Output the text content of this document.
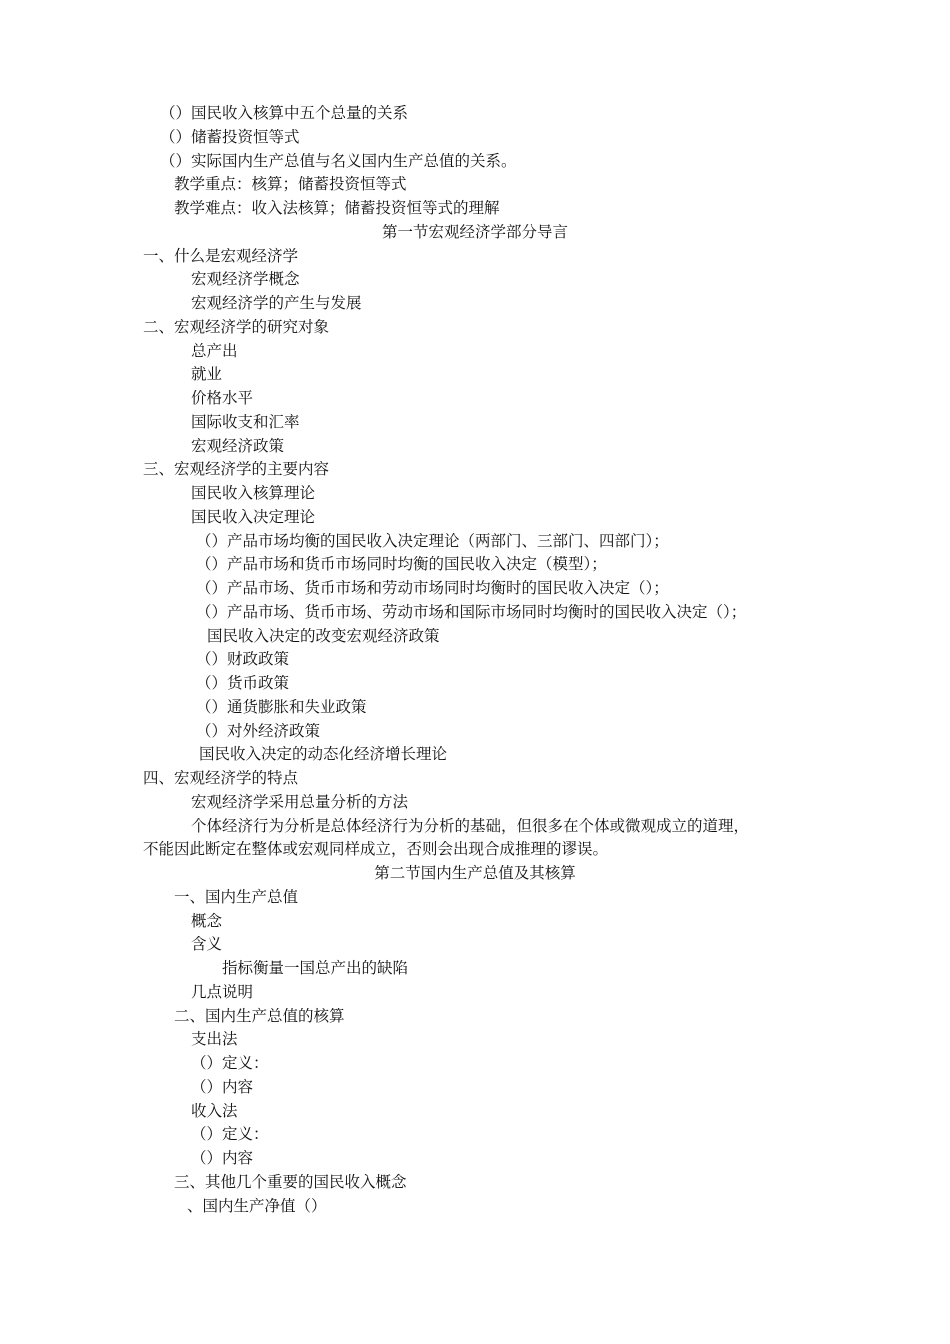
（）国民收入核算中五个总量的关系
（）储蓄投资恒等式
（）实际国内生产总值与名义国内生产总值的关系。
教学重点：核算；储蓄投资恒等式
教学难点：收入法核算；储蓄投资恒等式的理解
第一节宏观经济学部分导言
一、什么是宏观经济学
宏观经济学概念
宏观经济学的产生与发展
二、宏观经济学的研究对象
总产出
就业
价格水平
国际收支和汇率
宏观经济政策
三、宏观经济学的主要内容
国民收入核算理论
国民收入决定理论
（）产品市场均衡的国民收入决定理论（两部门、三部门、四部门）；
（）产品市场和货币市场同时均衡的国民收入决定（模型）；
（）产品市场、货币市场和劳动市场同时均衡时的国民收入决定（）；
（）产品市场、货币市场、劳动市场和国际市场同时均衡时的国民收入决定（）；
国民收入决定的改变宏观经济政策
（）财政政策
（）货币政策
（）通货膨胀和失业政策
（）对外经济政策
国民收入决定的动态化经济增长理论
四、宏观经济学的特点
宏观经济学采用总量分析的方法
个体经济行为分析是总体经济行为分析的基础，但很多在个体或微观成立的道理，
不能因此断定在整体或宏观同样成立，否则会出现合成推理的谬误。
第二节国内生产总值及其核算
一、国内生产总值
概念
含义
指标衡量一国总产出的缺陷
几点说明
二、国内生产总值的核算
支出法
（）定义：
（）内容
收入法
（）定义：
（）内容
三、其他几个重要的国民收入概念
、国内生产净值（）
